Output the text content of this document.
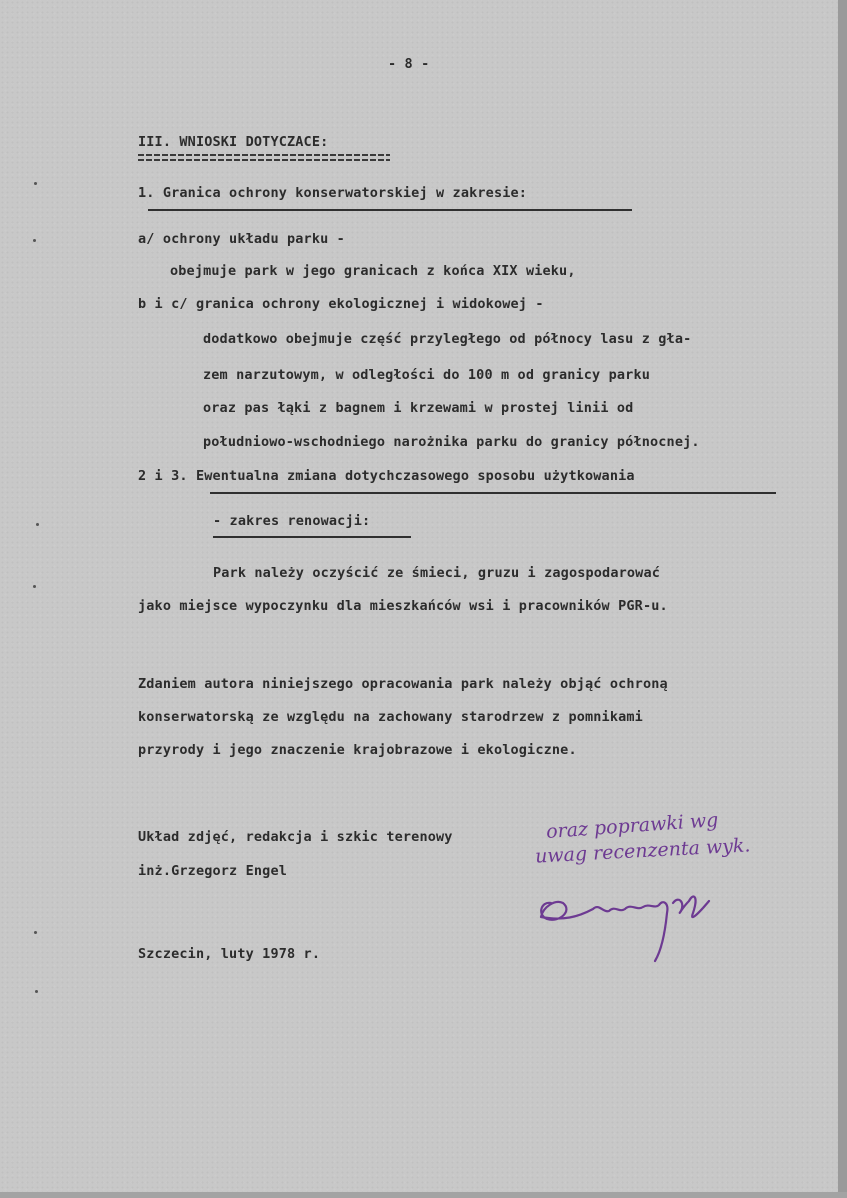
- 8 -
III. WNIOSKI DOTYCZACE:
1. Granica ochrony konserwatorskiej w zakresie:
a/ ochrony układu parku -
obejmuje park w jego granicach z końca XIX wieku,
b i c/ granica ochrony ekologicznej i widokowej -
dodatkowo obejmuje część przyległego od północy lasu z gła-
zem narzutowym, w odległości do 100 m od granicy parku
oraz pas łąki z bagnem i krzewami w prostej linii od
południowo-wschodniego narożnika parku do granicy północnej.
2 i 3. Ewentualna zmiana dotychczasowego sposobu użytkowania
- zakres renowacji:
Park należy oczyścić ze śmieci, gruzu i zagospodarować
jako miejsce wypoczynku dla mieszkańców wsi i pracowników PGR-u.
Zdaniem autora niniejszego opracowania park należy objąć ochroną
konserwatorską ze względu na zachowany starodrzew z pomnikami
przyrody i jego znaczenie krajobrazowe i ekologiczne.
Układ zdjęć, redakcja i szkic terenowy	oraz poprawki wg
inż.Grzegorz Engel
uwag recenzenta wyk.
Szczecin, luty 1978 r.
